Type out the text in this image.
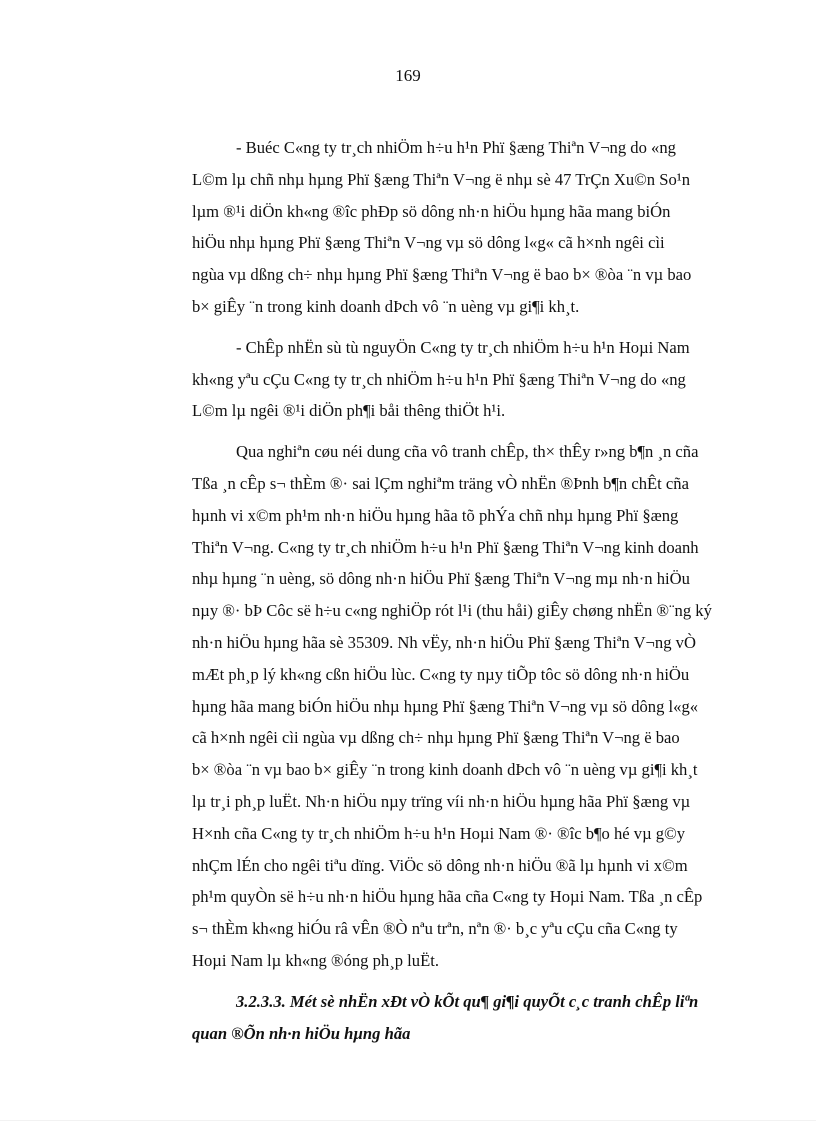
169

- Buéc C«ng ty tr¸ch nhiÖm h÷u h¹n Phï §æng Thiªn V¬ng do «ng
L©m lµ chñ nhµ hµng Phï §æng Thiªn V¬ng ë nhµ sè 47 TrÇn Xu©n So¹n
lµm ®¹i diÖn kh«ng ®îc phÐp sö dông nh·n hiÖu hµng hãa mang biÓn
hiÖu nhµ hµng Phï §æng Thiªn V¬ng vµ sö dông l«g« cã h×nh ngêi cìi
ngùa vµ dßng ch÷ nhµ hµng Phï §æng Thiªn V¬ng ë bao b× ®òa ¨n vµ bao
b× giÊy ¨n trong kinh doanh dÞch vô ¨n uèng vµ gi¶i kh¸t.

- ChÊp nhËn sù tù nguyÖn C«ng ty tr¸ch nhiÖm h÷u h¹n Hoµi Nam
kh«ng yªu cÇu C«ng ty tr¸ch nhiÖm h÷u h¹n Phï §æng Thiªn V¬ng do «ng
L©m lµ ngêi ®¹i diÖn ph¶i båi thêng thiÖt h¹i.

Qua nghiªn cøu néi dung cña vô tranh chÊp, th× thÊy r»ng b¶n ¸n cña
Tßa ¸n cÊp s¬ thÈm ®· sai lÇm nghiªm träng vÒ nhËn ®Þnh b¶n chÊt cña
hµnh vi x©m ph¹m nh·n hiÖu hµng hãa tõ phÝa chñ nhµ hµng Phï §æng
Thiªn V¬ng. C«ng ty tr¸ch nhiÖm h÷u h¹n Phï §æng Thiªn V¬ng kinh doanh
nhµ hµng ¨n uèng, sö dông nh·n hiÖu Phï §æng Thiªn V¬ng mµ nh·n hiÖu
nµy ®· bÞ Côc së h÷u c«ng nghiÖp rót l¹i (thu håi) giÊy chøng nhËn ®¨ng ký
nh·n hiÖu hµng hãa sè 35309. Nh vËy, nh·n hiÖu Phï §æng Thiªn V¬ng vÒ
mÆt ph¸p lý kh«ng cßn hiÖu lùc. C«ng ty nµy tiÕp tôc sö dông nh·n hiÖu
hµng hãa mang biÓn hiÖu nhµ hµng Phï §æng Thiªn V¬ng vµ sö dông l«g«
cã h×nh ngêi cìi ngùa vµ dßng ch÷ nhµ hµng Phï §æng Thiªn V¬ng ë bao
b× ®òa ¨n vµ bao b× giÊy ¨n trong kinh doanh dÞch vô ¨n uèng vµ gi¶i kh¸t
lµ tr¸i ph¸p luËt. Nh·n hiÖu nµy trïng víi nh·n hiÖu hµng hãa Phï §æng vµ
H×nh cña C«ng ty tr¸ch nhiÖm h÷u h¹n Hoµi Nam ®· ®îc b¶o hé vµ g©y
nhÇm lÉn cho ngêi tiªu dïng. ViÖc sö dông nh·n hiÖu ®ã lµ hµnh vi x©m
ph¹m quyÒn së h÷u nh·n hiÖu hµng hãa cña C«ng ty Hoµi Nam. Tßa ¸n cÊp
s¬ thÈm kh«ng hiÓu râ vÊn ®Ò nªu trªn, nªn ®· b¸c yªu cÇu cña C«ng ty
Hoµi Nam lµ kh«ng ®óng ph¸p luËt.

3.2.3.3. Mét sè nhËn xÐt vÒ kÕt qu¶ gi¶i quyÕt c¸c tranh chÊp liªn
quan ®Õn nh·n hiÖu hµng hãa
